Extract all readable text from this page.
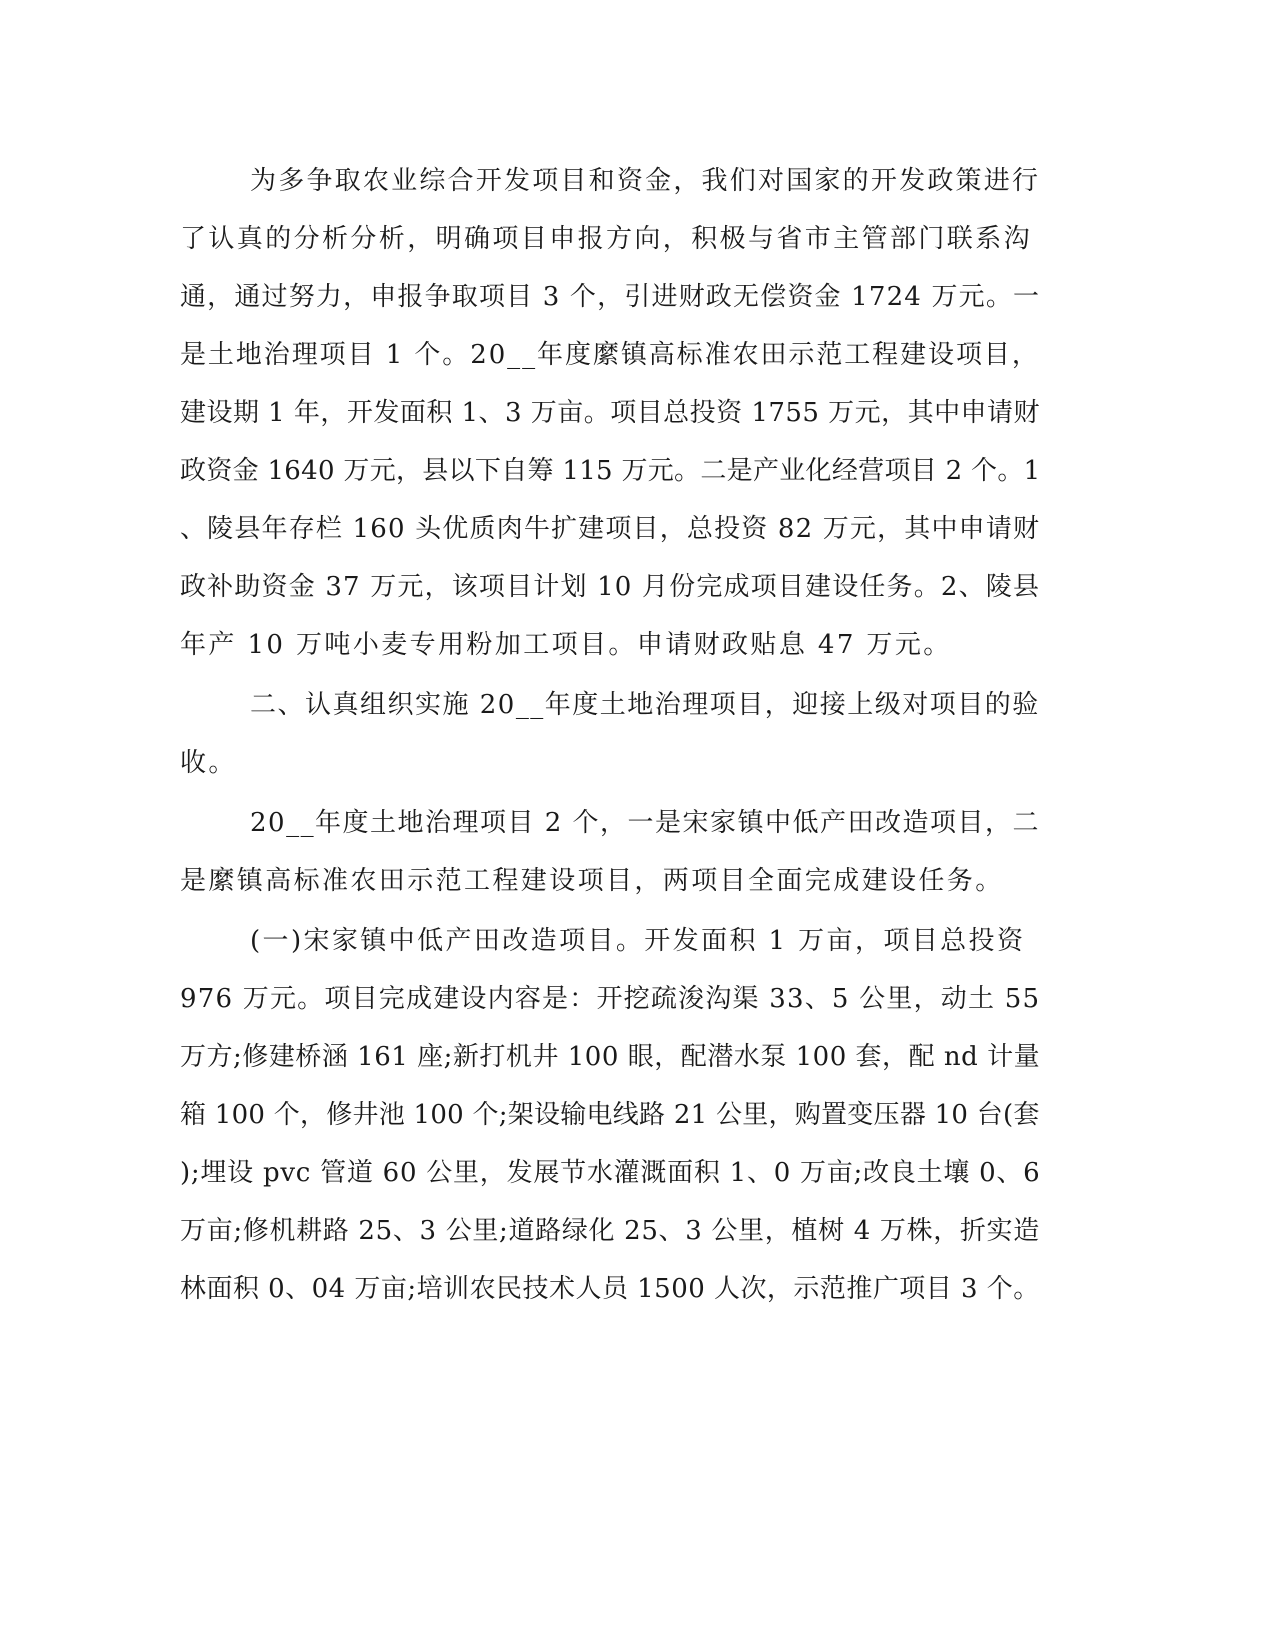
为多争取农业综合开发项目和资金，我们对国家的开发政策进行
了认真的分析分析，明确项目申报方向，积极与省市主管部门联系沟
通，通过努力，申报争取项目 3 个，引进财政无偿资金 1724 万元。一
是土地治理项目 1 个。20__年度縻镇高标准农田示范工程建设项目，
建设期 1 年，开发面积 1、3 万亩。项目总投资 1755 万元，其中申请财
政资金 1640 万元，县以下自筹 115 万元。二是产业化经营项目 2 个。1
、陵县年存栏 160 头优质肉牛扩建项目，总投资 82 万元，其中申请财
政补助资金 37 万元，该项目计划 10 月份完成项目建设任务。2、陵县
年产 10 万吨小麦专用粉加工项目。申请财政贴息 47 万元。
二、认真组织实施 20__年度土地治理项目，迎接上级对项目的验
收。
20__年度土地治理项目 2 个，一是宋家镇中低产田改造项目，二
是縻镇高标准农田示范工程建设项目，两项目全面完成建设任务。
(一)宋家镇中低产田改造项目。开发面积 1 万亩，项目总投资
976 万元。项目完成建设内容是：开挖疏浚沟渠 33、5 公里，动土 55
万方;修建桥涵 161 座;新打机井 100 眼，配潜水泵 100 套，配 nd 计量
箱 100 个，修井池 100 个;架设输电线路 21 公里，购置变压器 10 台(套
);埋设 pvc 管道 60 公里，发展节水灌溉面积 1、0 万亩;改良土壤 0、6
万亩;修机耕路 25、3 公里;道路绿化 25、3 公里，植树 4 万株，折实造
林面积 0、04 万亩;培训农民技术人员 1500 人次，示范推广项目 3 个。
